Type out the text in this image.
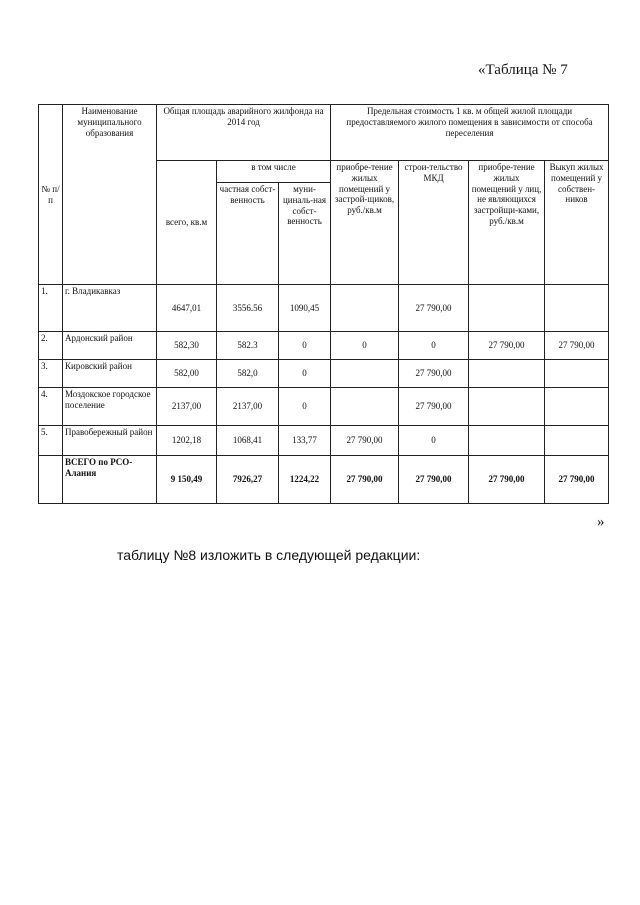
«Таблица № 7
№ п/ п	Наименование муниципального образования	Общая площадь аварийного жилфонда на 2014 год			Предельная стоимость 1 кв. м общей жилой площади предоставляемого жилого помещения в зависимости от способа переселения			
		всего, кв.м	в том числе		приобре-тение жилых помещений у застрой-щиков, руб./кв.м	строи-тельство МКД	приобре-тение жилых помещений у лиц, не являющихся застройщи-ками, руб./кв.м	Выкуп жилых помещений у собствен-ников
			частная собст-венность	муни-циналь-ная собст-венность				
1.	г. Владикавказ	4647,01	3556.56	1090,45		27 790,00		
2.	Ардонский район	582,30	582.3	0	0	0	27 790,00	27 790,00
3.	Кировский район	582,00	582,0	0		27 790,00		
4.	Моздокское городское поселение	2137,00	2137,00	0		27 790,00		
5.	Правобережный район	1202,18	1068,41	133,77	27 790,00	0		
	ВСЕГО по РСО-Алания	9 150,49	7926,27	1224,22	27 790,00	27 790,00	27 790,00	27 790,00
»
таблицу №8 изложить в следующей редакции:
